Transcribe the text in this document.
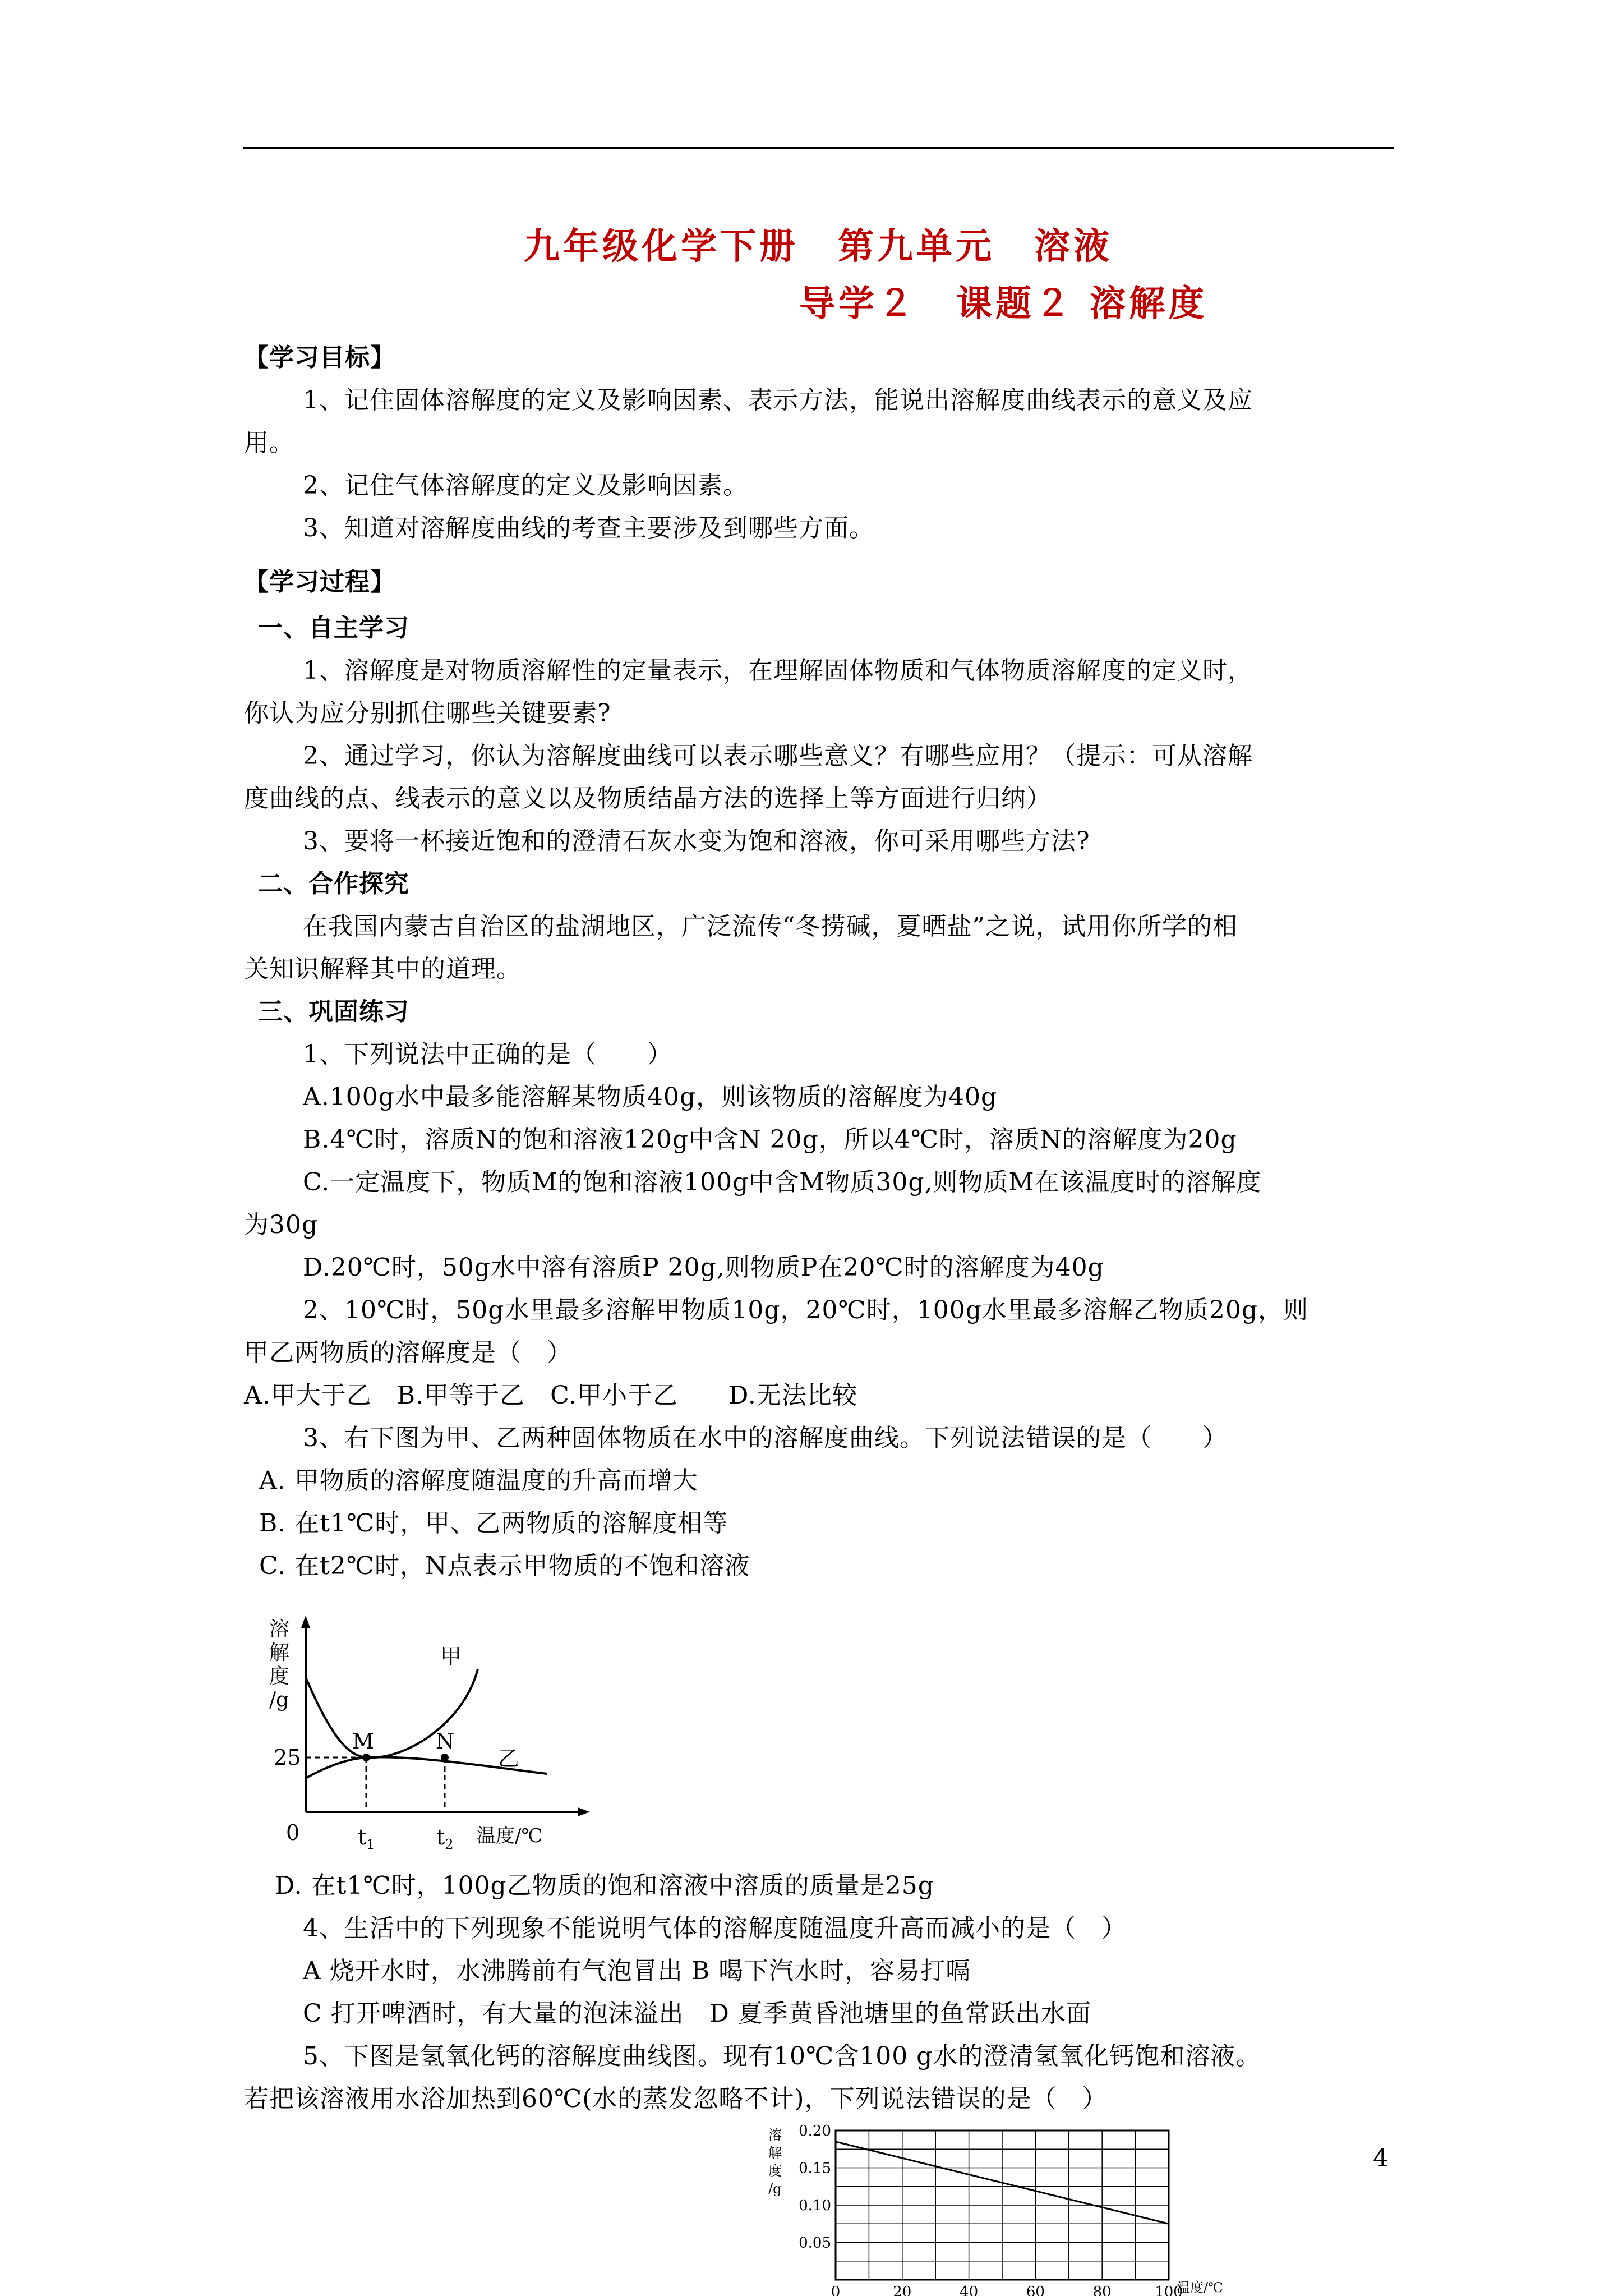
九年级化学下册　第九单元　溶液
导学２　课题２ 溶解度
【学习目标】
1、记住固体溶解度的定义及影响因素、表示方法，能说出溶解度曲线表示的意义及应
用。
2、记住气体溶解度的定义及影响因素。
3、知道对溶解度曲线的考查主要涉及到哪些方面。
【学习过程】
一、自主学习
1、溶解度是对物质溶解性的定量表示，在理解固体物质和气体物质溶解度的定义时，
你认为应分别抓住哪些关键要素?
2、通过学习，你认为溶解度曲线可以表示哪些意义？有哪些应用？（提示：可从溶解
度曲线的点、线表示的意义以及物质结晶方法的选择上等方面进行归纳）
3、要将一杯接近饱和的澄清石灰水变为饱和溶液，你可采用哪些方法?
二、合作探究
在我国内蒙古自治区的盐湖地区，广泛流传“冬捞碱，夏晒盐”之说，试用你所学的相
关知识解释其中的道理。
三、巩固练习
1、下列说法中正确的是（　　）
A.100g水中最多能溶解某物质40g，则该物质的溶解度为40g
B.4℃时，溶质N的饱和溶液120g中含N 20g，所以4℃时，溶质N的溶解度为20g
C.一定温度下，物质M的饱和溶液100g中含M物质30g,则物质M在该温度时的溶解度
为30g
D.20℃时，50g水中溶有溶质P 20g,则物质P在20℃时的溶解度为40g
2、10℃时，50g水里最多溶解甲物质10g，20℃时，100g水里最多溶解乙物质20g，则
甲乙两物质的溶解度是（　）
A.甲大于乙　B.甲等于乙　C.甲小于乙　　D.无法比较
3、右下图为甲、乙两种固体物质在水中的溶解度曲线。下列说法错误的是（　　）
A. 甲物质的溶解度随温度的升高而增大
B. 在t1℃时，甲、乙两物质的溶解度相等
C. 在t2℃时，N点表示甲物质的不饱和溶液
溶
解
度
/g
M	N
甲
乙
25
0	$t_1$	$t_2$ 温度/℃
D. 在t1℃时，100g乙物质的饱和溶液中溶质的质量是25g
4、生活中的下列现象不能说明气体的溶解度随温度升高而减小的是（　）
A 烧开水时，水沸腾前有气泡冒出 B 喝下汽水时，容易打嗝
C 打开啤酒时，有大量的泡沫溢出　D 夏季黄昏池塘里的鱼常跃出水面
5、下图是氢氧化钙的溶解度曲线图。现有10℃含100 g水的澄清氢氧化钙饱和溶液。
若把该溶液用水浴加热到60℃(水的蒸发忽略不计)，下列说法错误的是（　）
溶
解
度
/g
0.20
0.15
0.10
0.05
0	20	40	60	80	100
温度/℃
4
